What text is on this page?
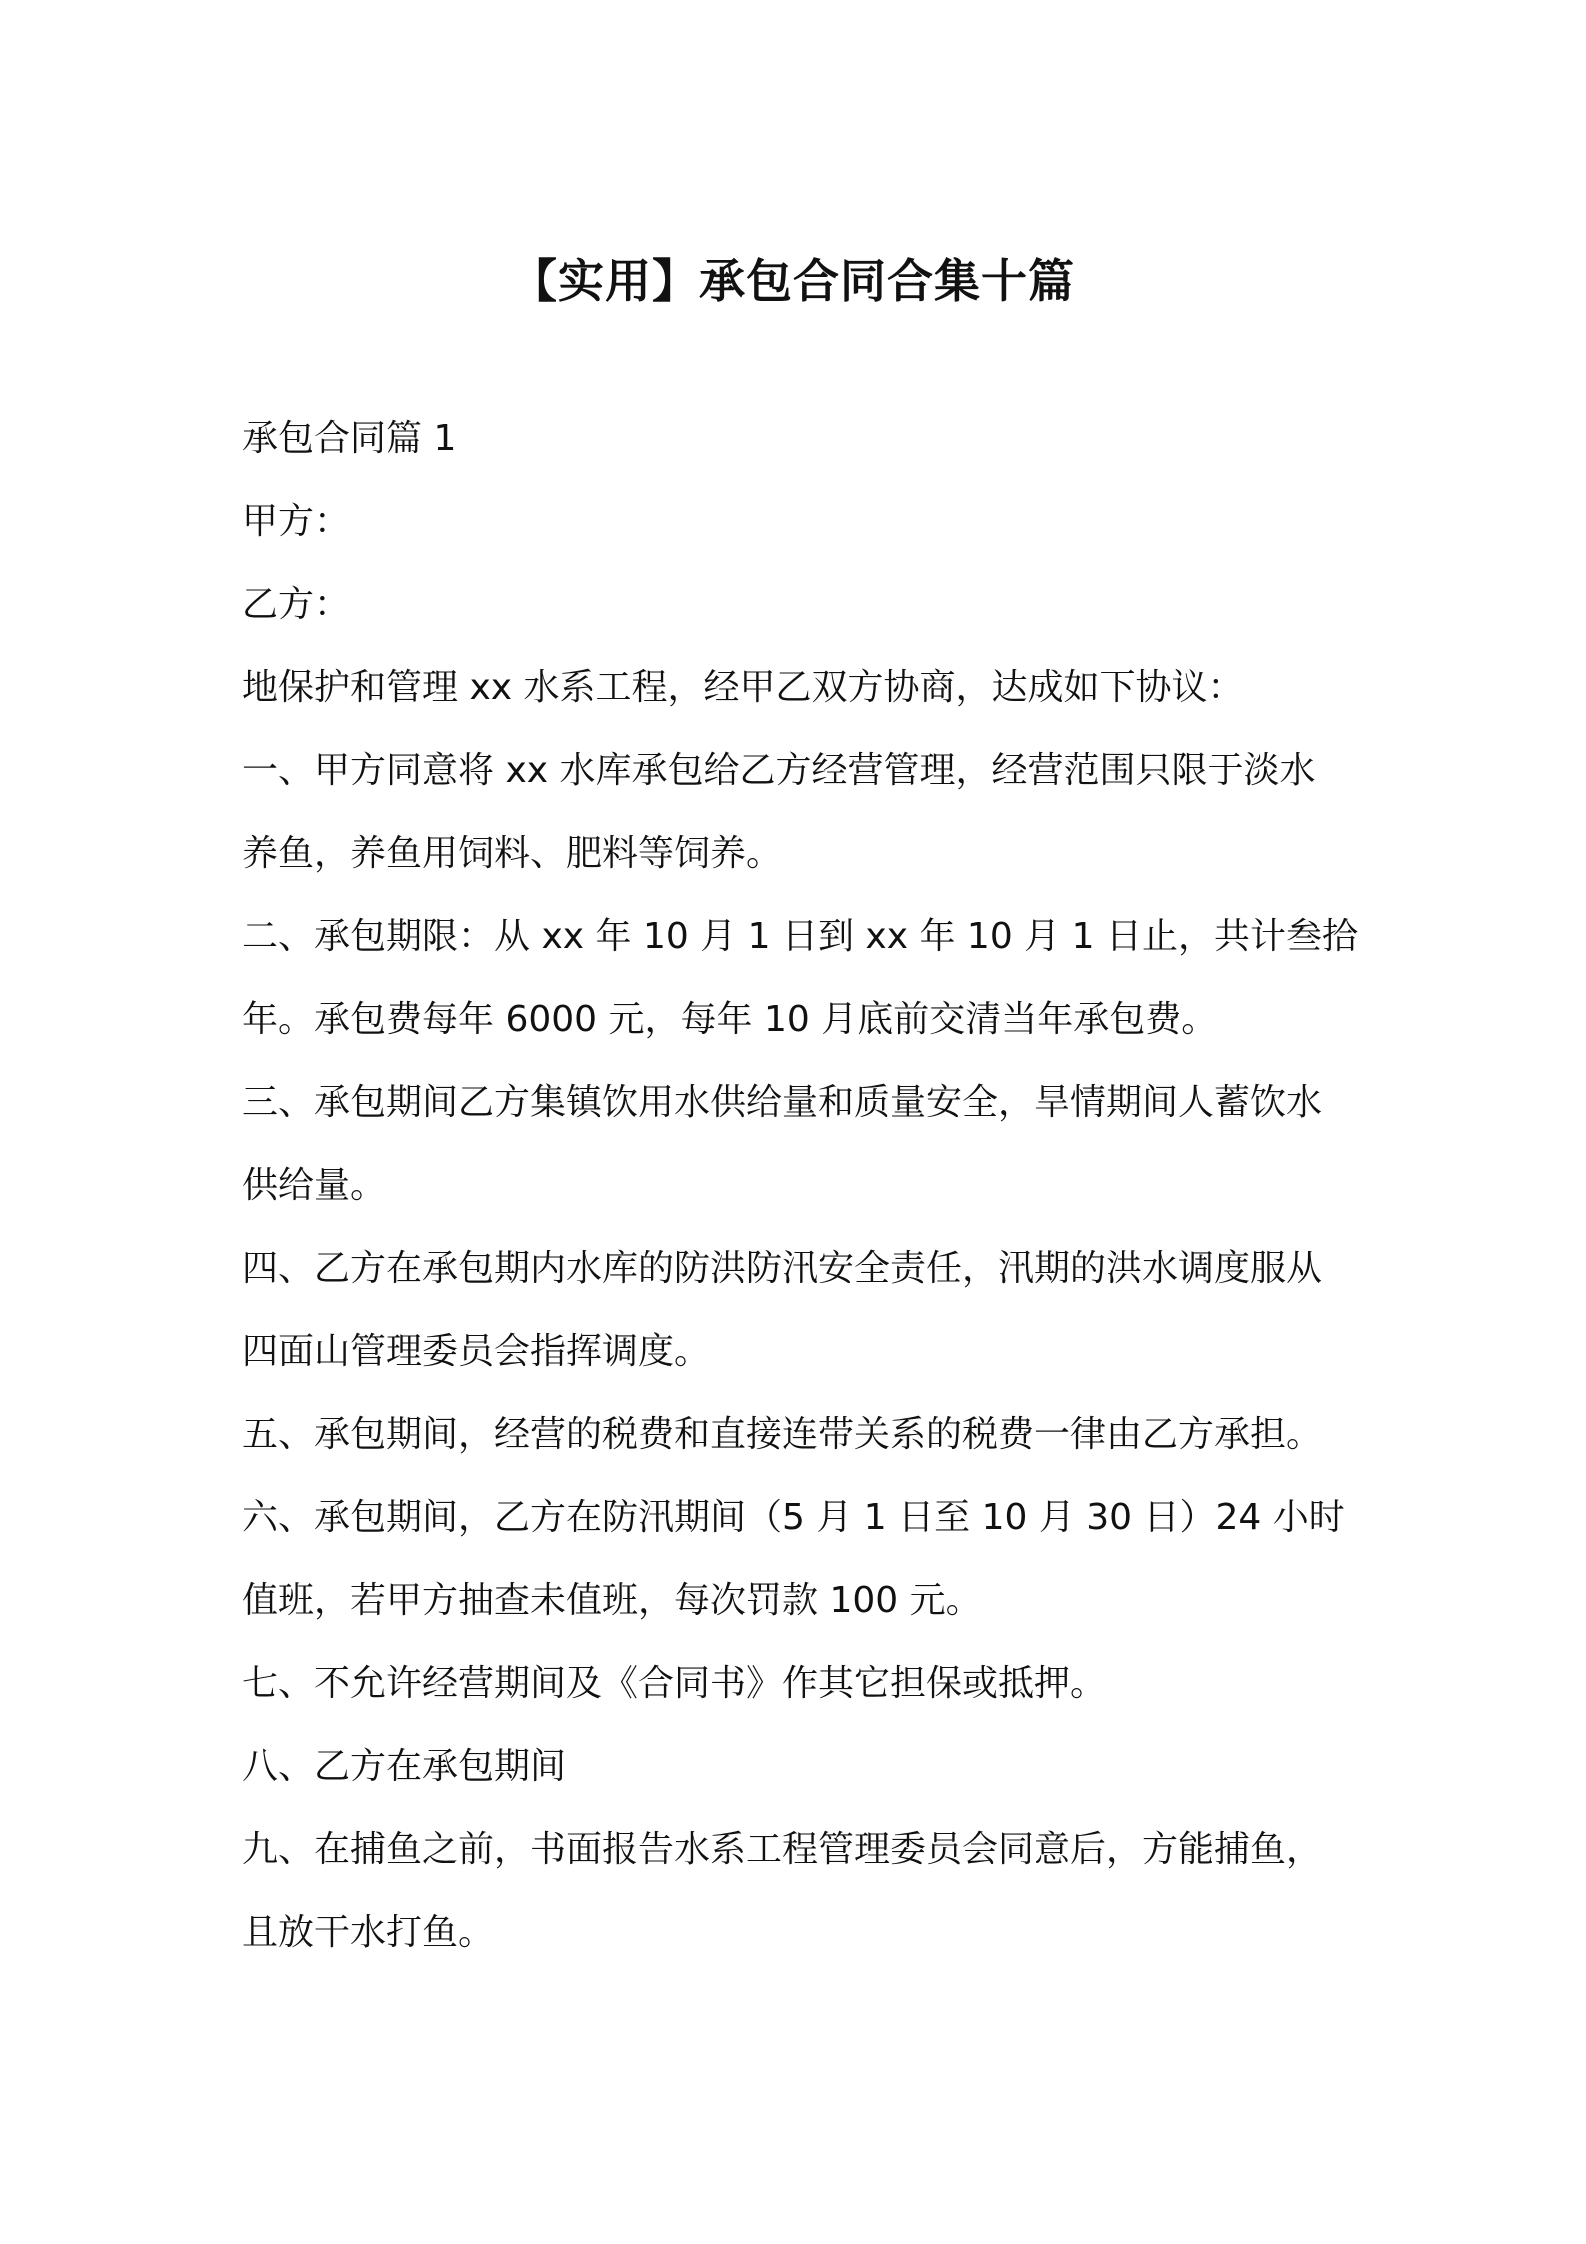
【实用】承包合同合集十篇

承包合同篇 1

甲方：

乙方：

地保护和管理 xx 水系工程，经甲乙双方协商，达成如下协议：

一、甲方同意将 xx 水库承包给乙方经营管理，经营范围只限于淡水

养鱼，养鱼用饲料、肥料等饲养。

二、承包期限：从 xx 年 10 月 1 日到 xx 年 10 月 1 日止，共计叁拾

年。承包费每年 6000 元，每年 10 月底前交清当年承包费。

三、承包期间乙方集镇饮用水供给量和质量安全，旱情期间人蓄饮水

供给量。

四、乙方在承包期内水库的防洪防汛安全责任，汛期的洪水调度服从

四面山管理委员会指挥调度。

五、承包期间，经营的税费和直接连带关系的税费一律由乙方承担。

六、承包期间，乙方在防汛期间（5 月 1 日至 10 月 30 日）24 小时

值班，若甲方抽查未值班，每次罚款 100 元。

七、不允许经营期间及《合同书》作其它担保或抵押。

八、乙方在承包期间

九、在捕鱼之前，书面报告水系工程管理委员会同意后，方能捕鱼，

且放干水打鱼。
